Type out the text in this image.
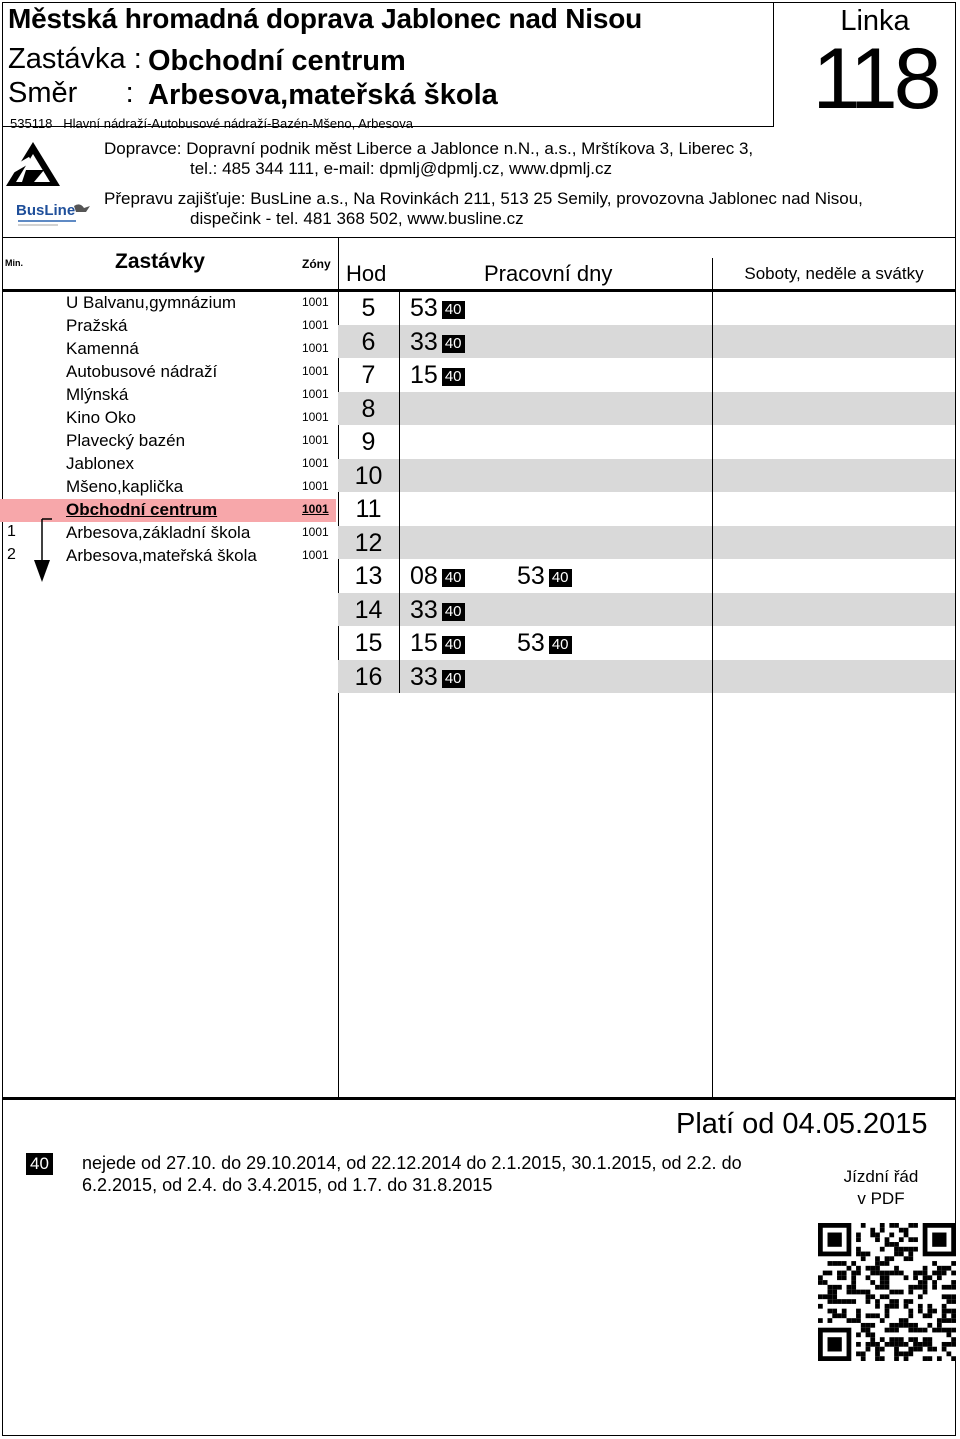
Městská hromadná doprava Jablonec nad Nisou
Zastávka : Obchodní centrum
Směr      : Arbesova,mateřská škola
535118 Hlavní nádraží-Autobusové nádraží-Bazén-Mšeno, Arbesova
Linka
118
BusLine
Dopravce: Dopravní podnik měst Liberce a Jablonce n.N., a.s., Mrštíkova 3, Liberec 3,
tel.: 485 344 111, e-mail: dpmlj@dpmlj.cz, www.dpmlj.cz
Přepravu zajišťuje: BusLine a.s., Na Rovinkách 211, 513 25 Semily, provozovna Jablonec nad Nisou,
dispečink - tel. 481 368 502, www.busline.cz
Min.	Zastávky	Zóny Hod	Pracovní dny	Soboty, neděle a svátky
U Balvanu,gymnázium	1001
Pražská	1001
Kamenná	1001
Autobusové nádraží	1001
Mlýnská	1001
Kino Oko	1001
Plavecký bazén	1001
Jablonex	1001
Mšeno,kaplička	1001
Obchodní centrum	1001
1	Arbesova,základní škola	1001
2	Arbesova,mateřská škola	1001
5	53 40
6	33 40
7	15 40
8
9
10
11
12
13	08 40 53 40
14	33 40
15	15 40 53 40
16	33 40
Platí od 04.05.2015
40 nejede od 27.10. do 29.10.2014, od 22.12.2014 do 2.1.2015, 30.1.2015, od 2.2. do 6.2.2015, od 2.4. do 3.4.2015, od 1.7. do 31.8.2015	Jízdní řád
v PDF
